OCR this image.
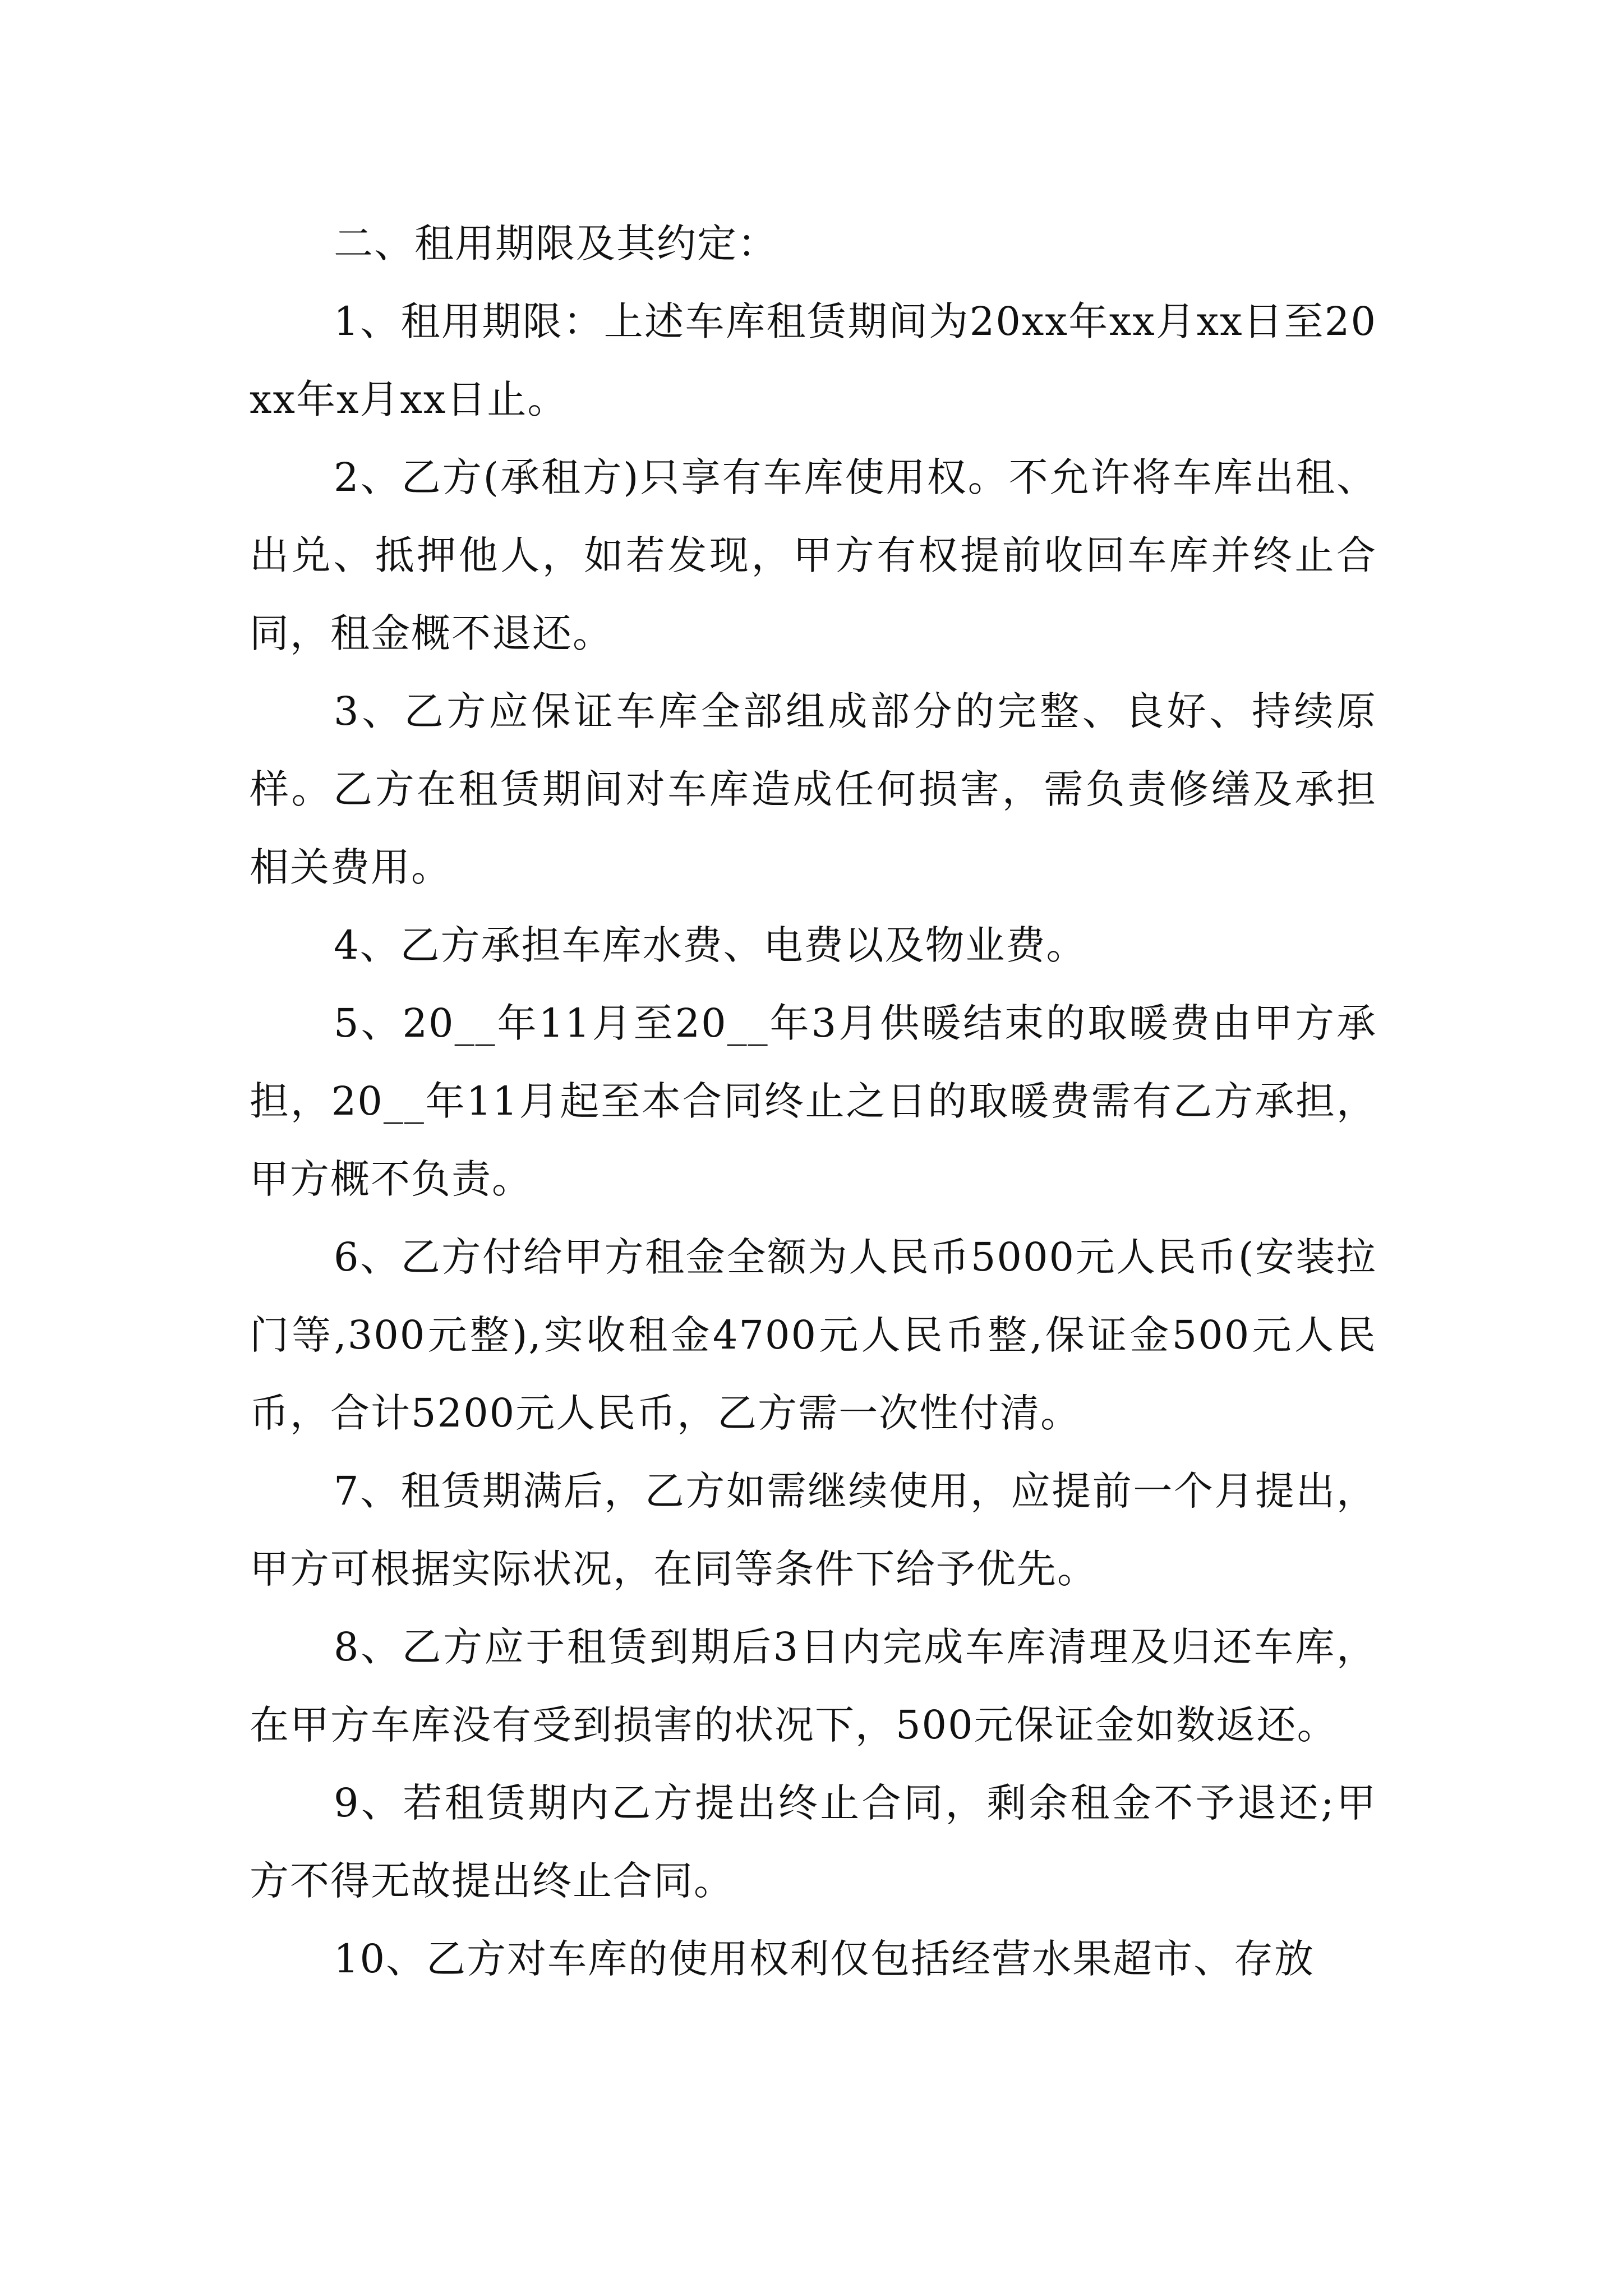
二、租用期限及其约定：

1、租用期限：上述车库租赁期间为20xx年xx月xx日至20xx年x月xx日止。

2、乙方(承租方)只享有车库使用权。不允许将车库出租、出兑、抵押他人，如若发现，甲方有权提前收回车库并终止合同，租金概不退还。

3、乙方应保证车库全部组成部分的完整、良好、持续原样。乙方在租赁期间对车库造成任何损害，需负责修缮及承担相关费用。

4、乙方承担车库水费、电费以及物业费。

5、20__年11月至20__年3月供暖结束的取暖费由甲方承担，20__年11月起至本合同终止之日的取暖费需有乙方承担，甲方概不负责。

6、乙方付给甲方租金全额为人民币5000元人民币(安装拉门等,300元整),实收租金4700元人民币整,保证金500元人民币，合计5200元人民币，乙方需一次性付清。

7、租赁期满后，乙方如需继续使用，应提前一个月提出，甲方可根据实际状况，在同等条件下给予优先。

8、乙方应于租赁到期后3日内完成车库清理及归还车库，在甲方车库没有受到损害的状况下，500元保证金如数返还。

9、若租赁期内乙方提出终止合同，剩余租金不予退还;甲方不得无故提出终止合同。

10、乙方对车库的使用权利仅包括经营水果超市、存放
